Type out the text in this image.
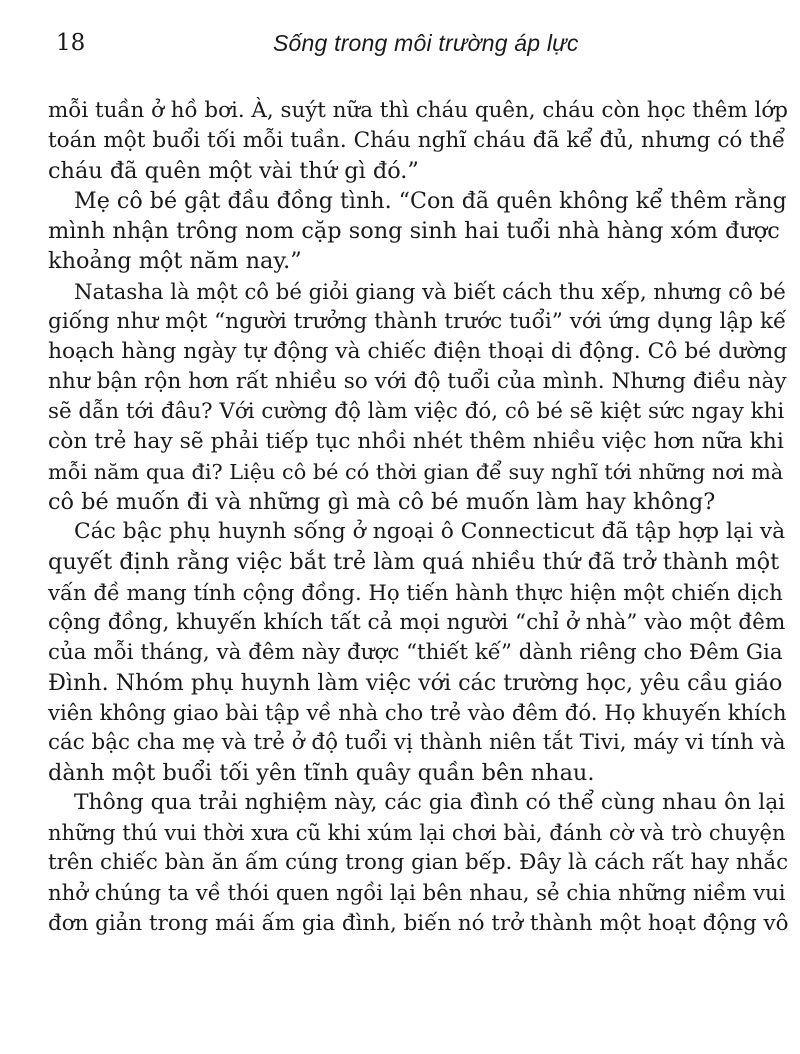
18	Sống trong môi trường áp lực
mỗi tuần ở hồ bơi. À, suýt nữa thì cháu quên, cháu còn học thêm lớp
toán một buổi tối mỗi tuần. Cháu nghĩ cháu đã kể đủ, nhưng có thể
cháu đã quên một vài thứ gì đó.”
Mẹ cô bé gật đầu đồng tình. “Con đã quên không kể thêm rằng
mình nhận trông nom cặp song sinh hai tuổi nhà hàng xóm được
khoảng một năm nay.”
Natasha là một cô bé giỏi giang và biết cách thu xếp, nhưng cô bé
giống như một “người trưởng thành trước tuổi” với ứng dụng lập kế
hoạch hàng ngày tự động và chiếc điện thoại di động. Cô bé dường
như bận rộn hơn rất nhiều so với độ tuổi của mình. Nhưng điều này
sẽ dẫn tới đâu? Với cường độ làm việc đó, cô bé sẽ kiệt sức ngay khi
còn trẻ hay sẽ phải tiếp tục nhồi nhét thêm nhiều việc hơn nữa khi
mỗi năm qua đi? Liệu cô bé có thời gian để suy nghĩ tới những nơi mà
cô bé muốn đi và những gì mà cô bé muốn làm hay không?
Các bậc phụ huynh sống ở ngoại ô Connecticut đã tập hợp lại và
quyết định rằng việc bắt trẻ làm quá nhiều thứ đã trở thành một
vấn đề mang tính cộng đồng. Họ tiến hành thực hiện một chiến dịch
cộng đồng, khuyến khích tất cả mọi người “chỉ ở nhà” vào một đêm
của mỗi tháng, và đêm này được “thiết kế” dành riêng cho Đêm Gia
Đình. Nhóm phụ huynh làm việc với các trường học, yêu cầu giáo
viên không giao bài tập về nhà cho trẻ vào đêm đó. Họ khuyến khích
các bậc cha mẹ và trẻ ở độ tuổi vị thành niên tắt Tivi, máy vi tính và
dành một buổi tối yên tĩnh quây quần bên nhau.
Thông qua trải nghiệm này, các gia đình có thể cùng nhau ôn lại
những thú vui thời xưa cũ khi xúm lại chơi bài, đánh cờ và trò chuyện
trên chiếc bàn ăn ấm cúng trong gian bếp. Đây là cách rất hay nhắc
nhở chúng ta về thói quen ngồi lại bên nhau, sẻ chia những niềm vui
đơn giản trong mái ấm gia đình, biến nó trở thành một hoạt động vô
